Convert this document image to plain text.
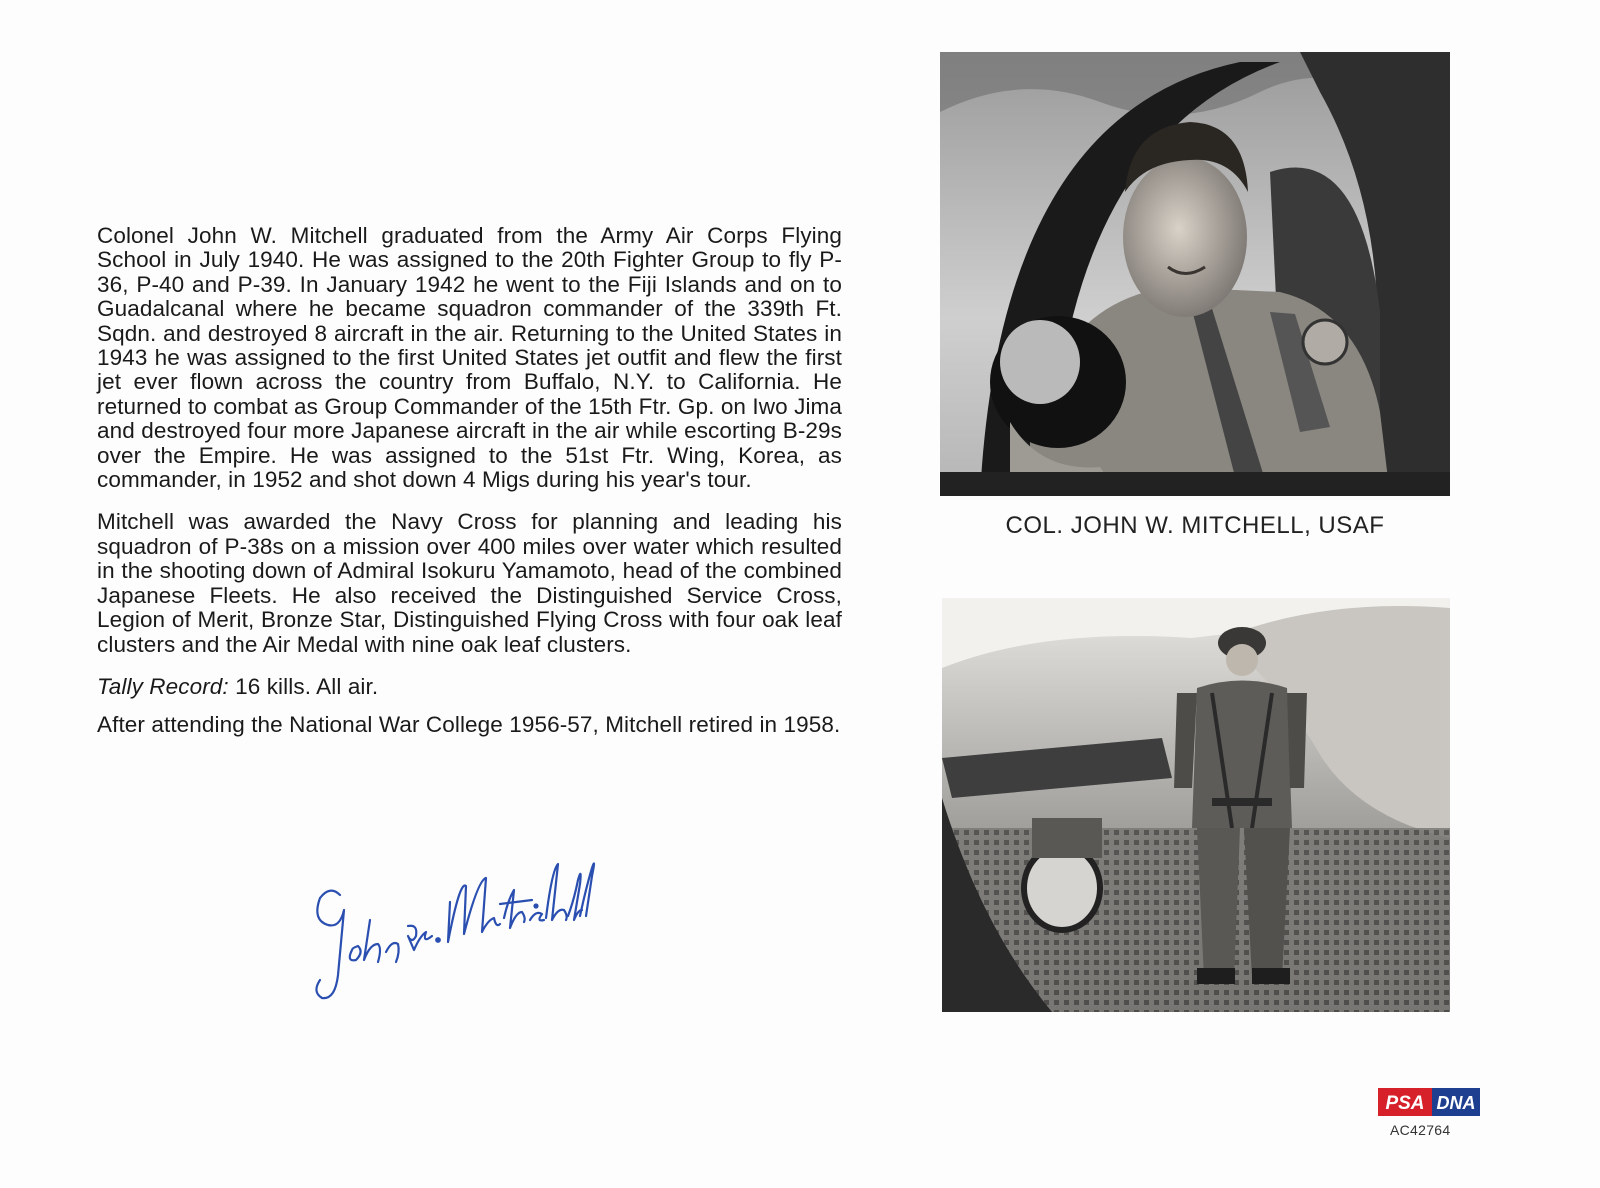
Colonel John W. Mitchell graduated from the Army Air Corps Flying School in July 1940. He was assigned to the 20th Fighter Group to fly P-36, P-40 and P-39. In January 1942 he went to the Fiji Islands and on to Guadalcanal where he became squadron commander of the 339th Ft. Sqdn. and destroyed 8 aircraft in the air. Returning to the United States in 1943 he was assigned to the first United States jet outfit and flew the first jet ever flown across the country from Buffalo, N.Y. to California. He returned to combat as Group Commander of the 15th Ftr. Gp. on Iwo Jima and destroyed four more Japanese aircraft in the air while escorting B-29s over the Empire. He was assigned to the 51st Ftr. Wing, Korea, as commander, in 1952 and shot down 4 Migs during his year's tour.

Mitchell was awarded the Navy Cross for planning and leading his squadron of P-38s on a mission over 400 miles over water which resulted in the shooting down of Admiral Isokuru Yamamoto, head of the combined Japanese Fleets. He also received the Distinguished Service Cross, Legion of Merit, Bronze Star, Distinguished Flying Cross with four oak leaf clusters and the Air Medal with nine oak leaf clusters.

Tally Record: 16 kills. All air.

After attending the National War College 1956-57, Mitchell retired in 1958.

COL. JOHN W. MITCHELL, USAF
PSA DNA
AC42764
